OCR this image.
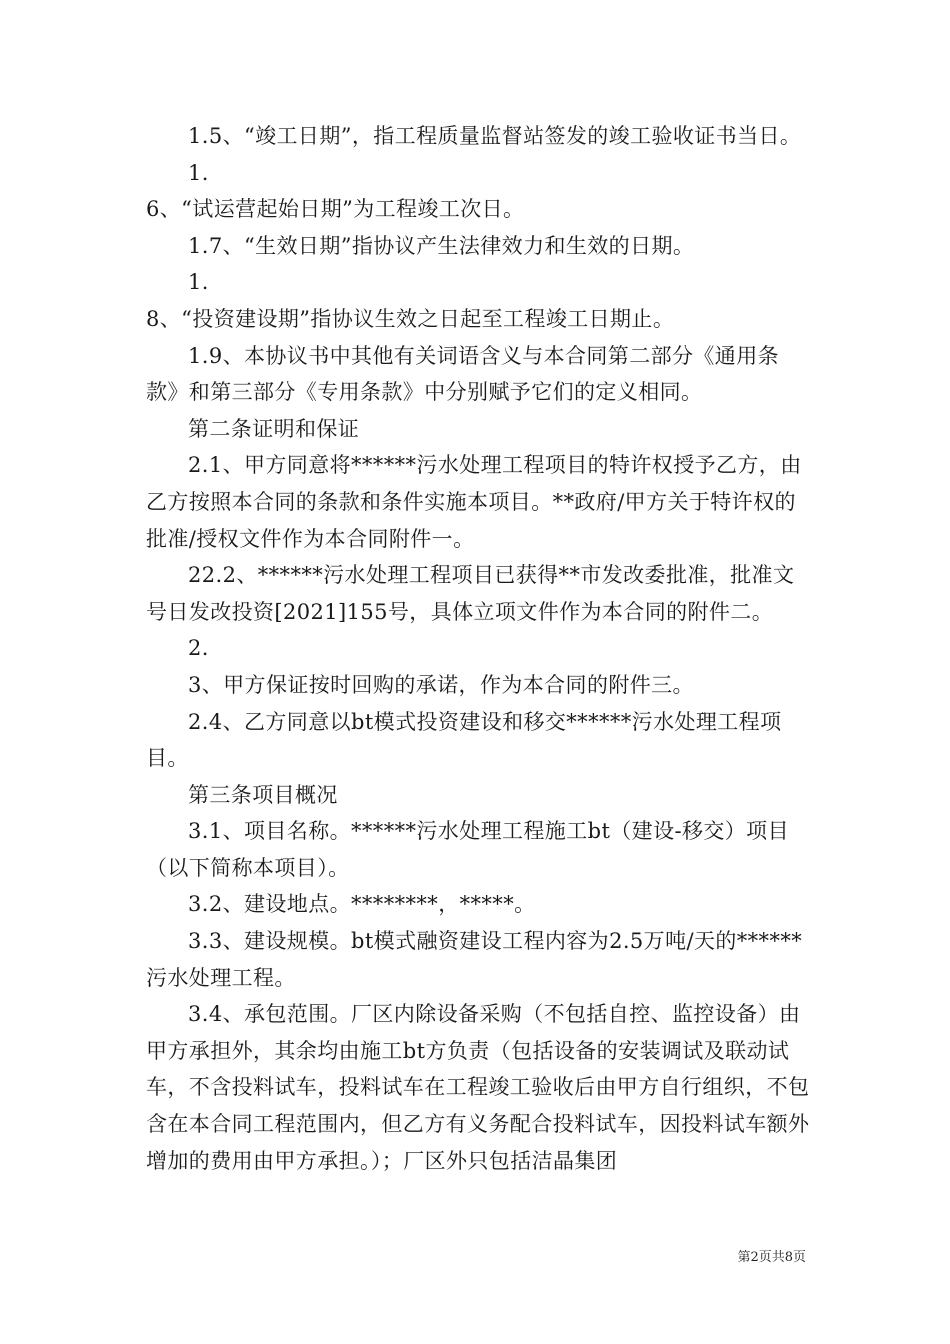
1.5、“竣工日期”，指工程质量监督站签发的竣工验收证书当日。

1.

6、“试运营起始日期”为工程竣工次日。

1.7、“生效日期”指协议产生法律效力和生效的日期。

1.

8、“投资建设期”指协议生效之日起至工程竣工日期止。

1.9、本协议书中其他有关词语含义与本合同第二部分《通用条款》和第三部分《专用条款》中分别赋予它们的定义相同。

第二条证明和保证

2.1、甲方同意将******污水处理工程项目的特许权授予乙方，由乙方按照本合同的条款和条件实施本项目。**政府/甲方关于特许权的批准/授权文件作为本合同附件一。

22.2、******污水处理工程项目已获得**市发改委批准，批准文号日发改投资[2021]155号，具体立项文件作为本合同的附件二。

2.

3、甲方保证按时回购的承诺，作为本合同的附件三。

2.4、乙方同意以bt模式投资建设和移交******污水处理工程项目。

第三条项目概况

3.1、项目名称。******污水处理工程施工bt（建设-移交）项目（以下简称本项目）。

3.2、建设地点。********，*****。

3.3、建设规模。bt模式融资建设工程内容为2.5万吨/天的******污水处理工程。

3.4、承包范围。厂区内除设备采购（不包括自控、监控设备）由甲方承担外，其余均由施工bt方负责（包括设备的安装调试及联动试车，不含投料试车，投料试车在工程竣工验收后由甲方自行组织，不包含在本合同工程范围内，但乙方有义务配合投料试车，因投料试车额外增加的费用由甲方承担。）；厂区外只包括洁晶集团

第2页共8页
